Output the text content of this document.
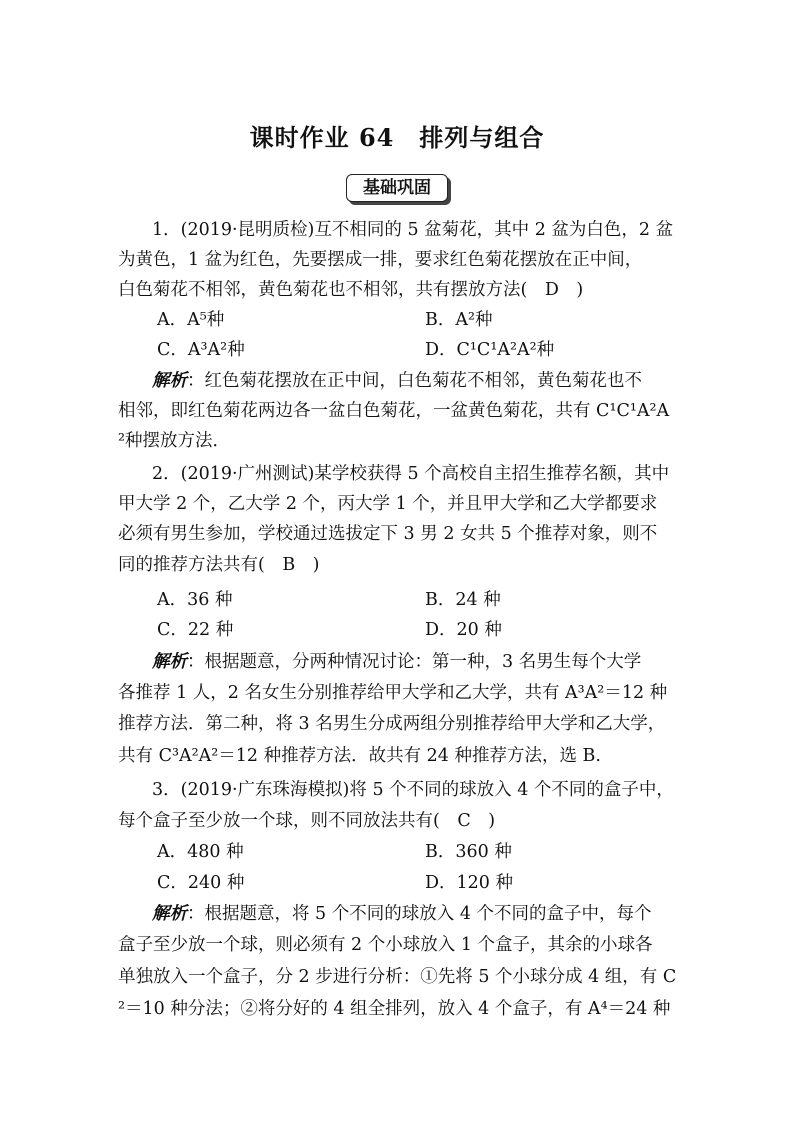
课时作业 64　排列与组合
基础巩固
1．(2019·昆明质检)互不相同的 5 盆菊花，其中 2 盆为白色，2 盆
为黄色，1 盆为红色，先要摆成一排，要求红色菊花摆放在正中间，
白色菊花不相邻，黄色菊花也不相邻，共有摆放方法(　D　)
A．A⁵种	B．A²种
C．A³A²种	D．C¹C¹A²A²种
解析：红色菊花摆放在正中间，白色菊花不相邻，黄色菊花也不
相邻，即红色菊花两边各一盆白色菊花，一盆黄色菊花，共有 C¹C¹A²A
²种摆放方法．
2．(2019·广州测试)某学校获得 5 个高校自主招生推荐名额，其中
甲大学 2 个，乙大学 2 个，丙大学 1 个，并且甲大学和乙大学都要求
必须有男生参加，学校通过选拔定下 3 男 2 女共 5 个推荐对象，则不
同的推荐方法共有(　B　)
A．36 种	B．24 种
C．22 种	D．20 种
解析：根据题意，分两种情况讨论：第一种，3 名男生每个大学
各推荐 1 人，2 名女生分别推荐给甲大学和乙大学，共有 A³A²＝12 种
推荐方法．第二种，将 3 名男生分成两组分别推荐给甲大学和乙大学，
共有 C³A²A²＝12 种推荐方法．故共有 24 种推荐方法，选 B.
3．(2019·广东珠海模拟)将 5 个不同的球放入 4 个不同的盒子中，
每个盒子至少放一个球，则不同放法共有(　C　)
A．480 种	B．360 种
C．240 种	D．120 种
解析：根据题意，将 5 个不同的球放入 4 个不同的盒子中，每个
盒子至少放一个球，则必须有 2 个小球放入 1 个盒子，其余的小球各
单独放入一个盒子，分 2 步进行分析：①先将 5 个小球分成 4 组，有 C
²＝10 种分法；②将分好的 4 组全排列，放入 4 个盒子，有 A⁴＝24 种
